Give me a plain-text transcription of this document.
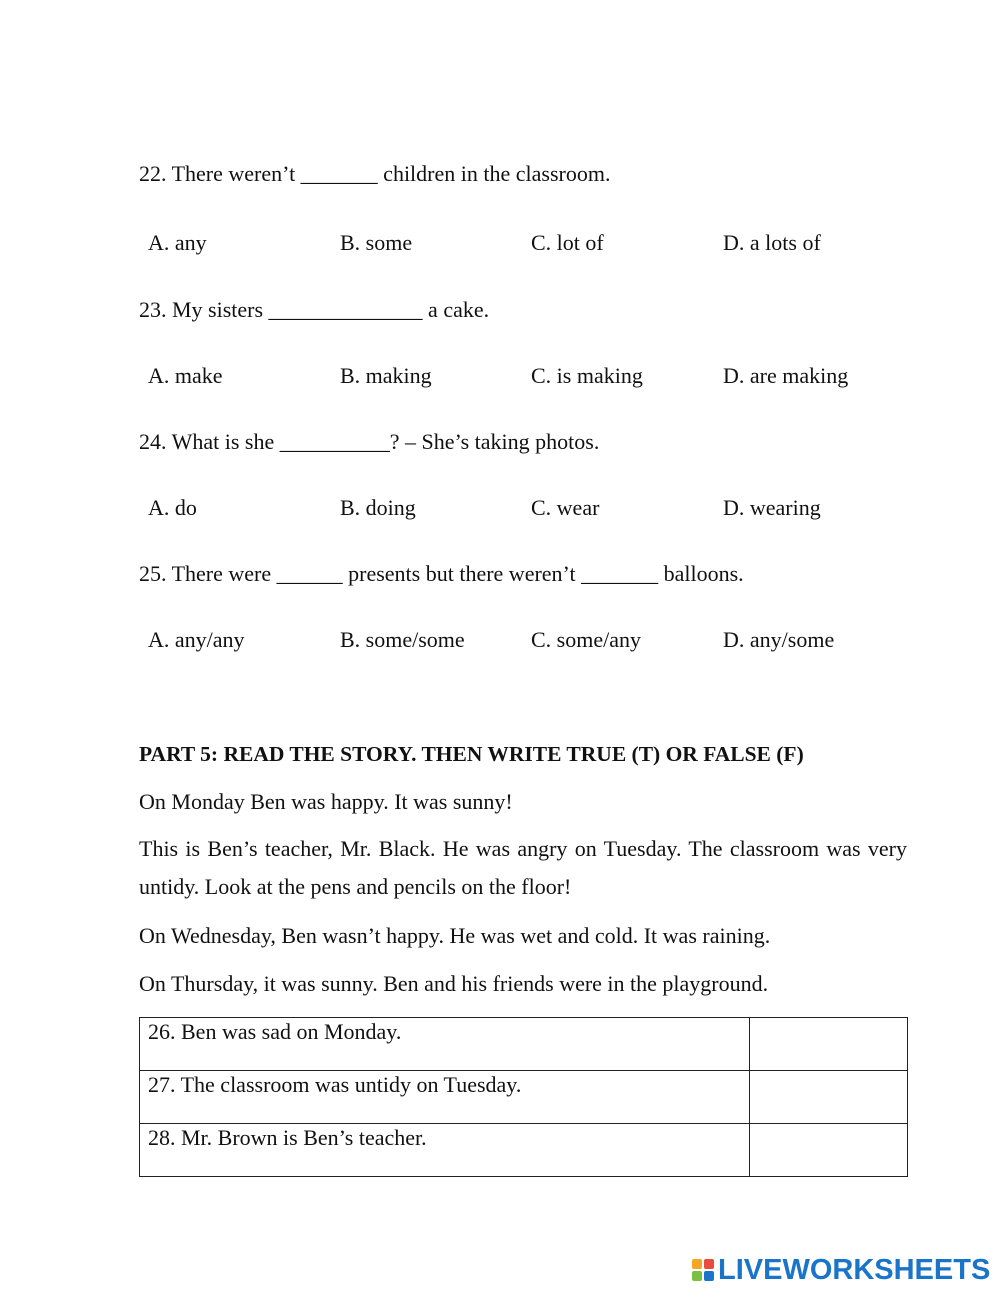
22. There weren’t _______ children in the classroom.
A. any	B. some	C. lot of	D. a lots of
23. My sisters ______________ a cake.
A. make	B. making	C. is making	D. are making
24. What is she __________? – She’s taking photos.
A. do	B. doing	C. wear	D. wearing
25. There were ______ presents but there weren’t _______ balloons.
A. any/any	B. some/some	C. some/any	D. any/some
PART 5: READ THE STORY. THEN WRITE TRUE (T) OR FALSE (F)
On Monday Ben was happy. It was sunny!
This is Ben’s teacher, Mr. Black. He was angry on Tuesday. The classroom was very untidy. Look at the pens and pencils on the floor!
On Wednesday, Ben wasn’t happy. He was wet and cold. It was raining.
On Thursday, it was sunny. Ben and his friends were in the playground.
26. Ben was sad on Monday.	
27. The classroom was untidy on Tuesday.	
28. Mr. Brown is Ben’s teacher.	
LIVEWORKSHEETS
